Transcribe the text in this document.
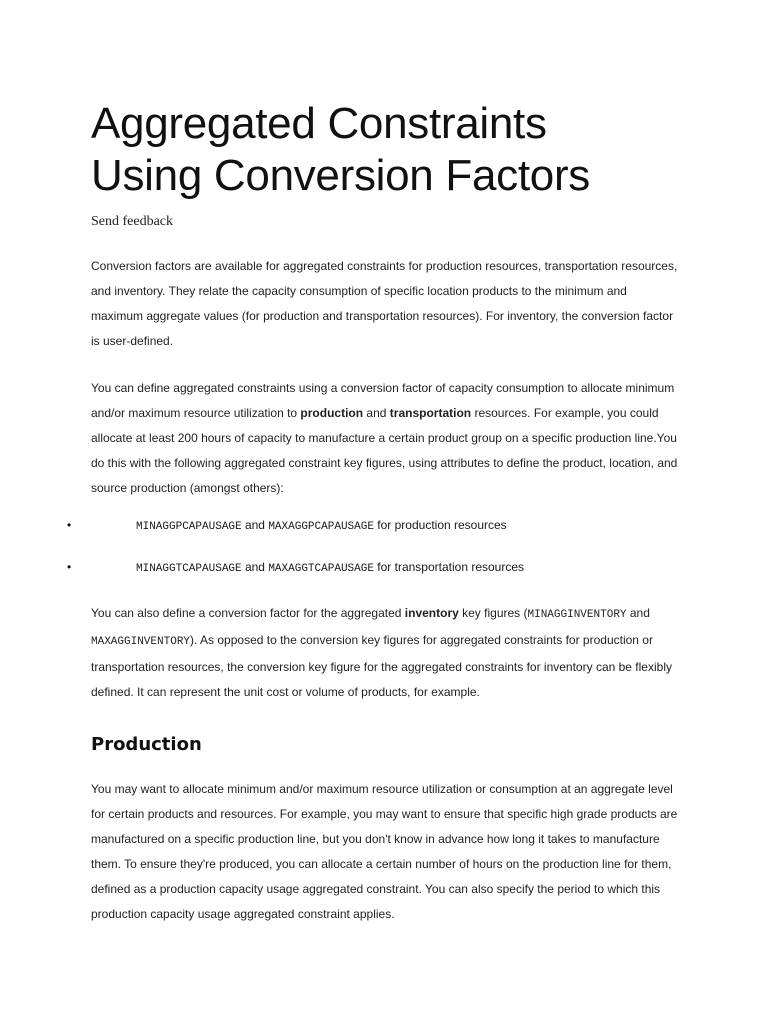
Aggregated Constraints
Using Conversion Factors
Send feedback

Conversion factors are available for aggregated constraints for production resources, transportation resources, and inventory. They relate the capacity consumption of specific location products to the minimum and maximum aggregate values (for production and transportation resources). For inventory, the conversion factor is user-defined.

You can define aggregated constraints using a conversion factor of capacity consumption to allocate minimum and/or maximum resource utilization to production and transportation resources. For example, you could allocate at least 200 hours of capacity to manufacture a certain product group on a specific production line.You do this with the following aggregated constraint key figures, using attributes to define the product, location, and source production (amongst others):

•	MINAGGPCAPAUSAGE and MAXAGGPCAPAUSAGE for production resources
•	MINAGGTCAPAUSAGE and MAXAGGTCAPAUSAGE for transportation resources

You can also define a conversion factor for the aggregated inventory key figures (MINAGGINVENTORY and MAXAGGINVENTORY). As opposed to the conversion key figures for aggregated constraints for production or transportation resources, the conversion key figure for the aggregated constraints for inventory can be flexibly defined. It can represent the unit cost or volume of products, for example.

Production

You may want to allocate minimum and/or maximum resource utilization or consumption at an aggregate level for certain products and resources. For example, you may want to ensure that specific high grade products are manufactured on a specific production line, but you don't know in advance how long it takes to manufacture them. To ensure they're produced, you can allocate a certain number of hours on the production line for them, defined as a production capacity usage aggregated constraint. You can also specify the period to which this production capacity usage aggregated constraint applies.
